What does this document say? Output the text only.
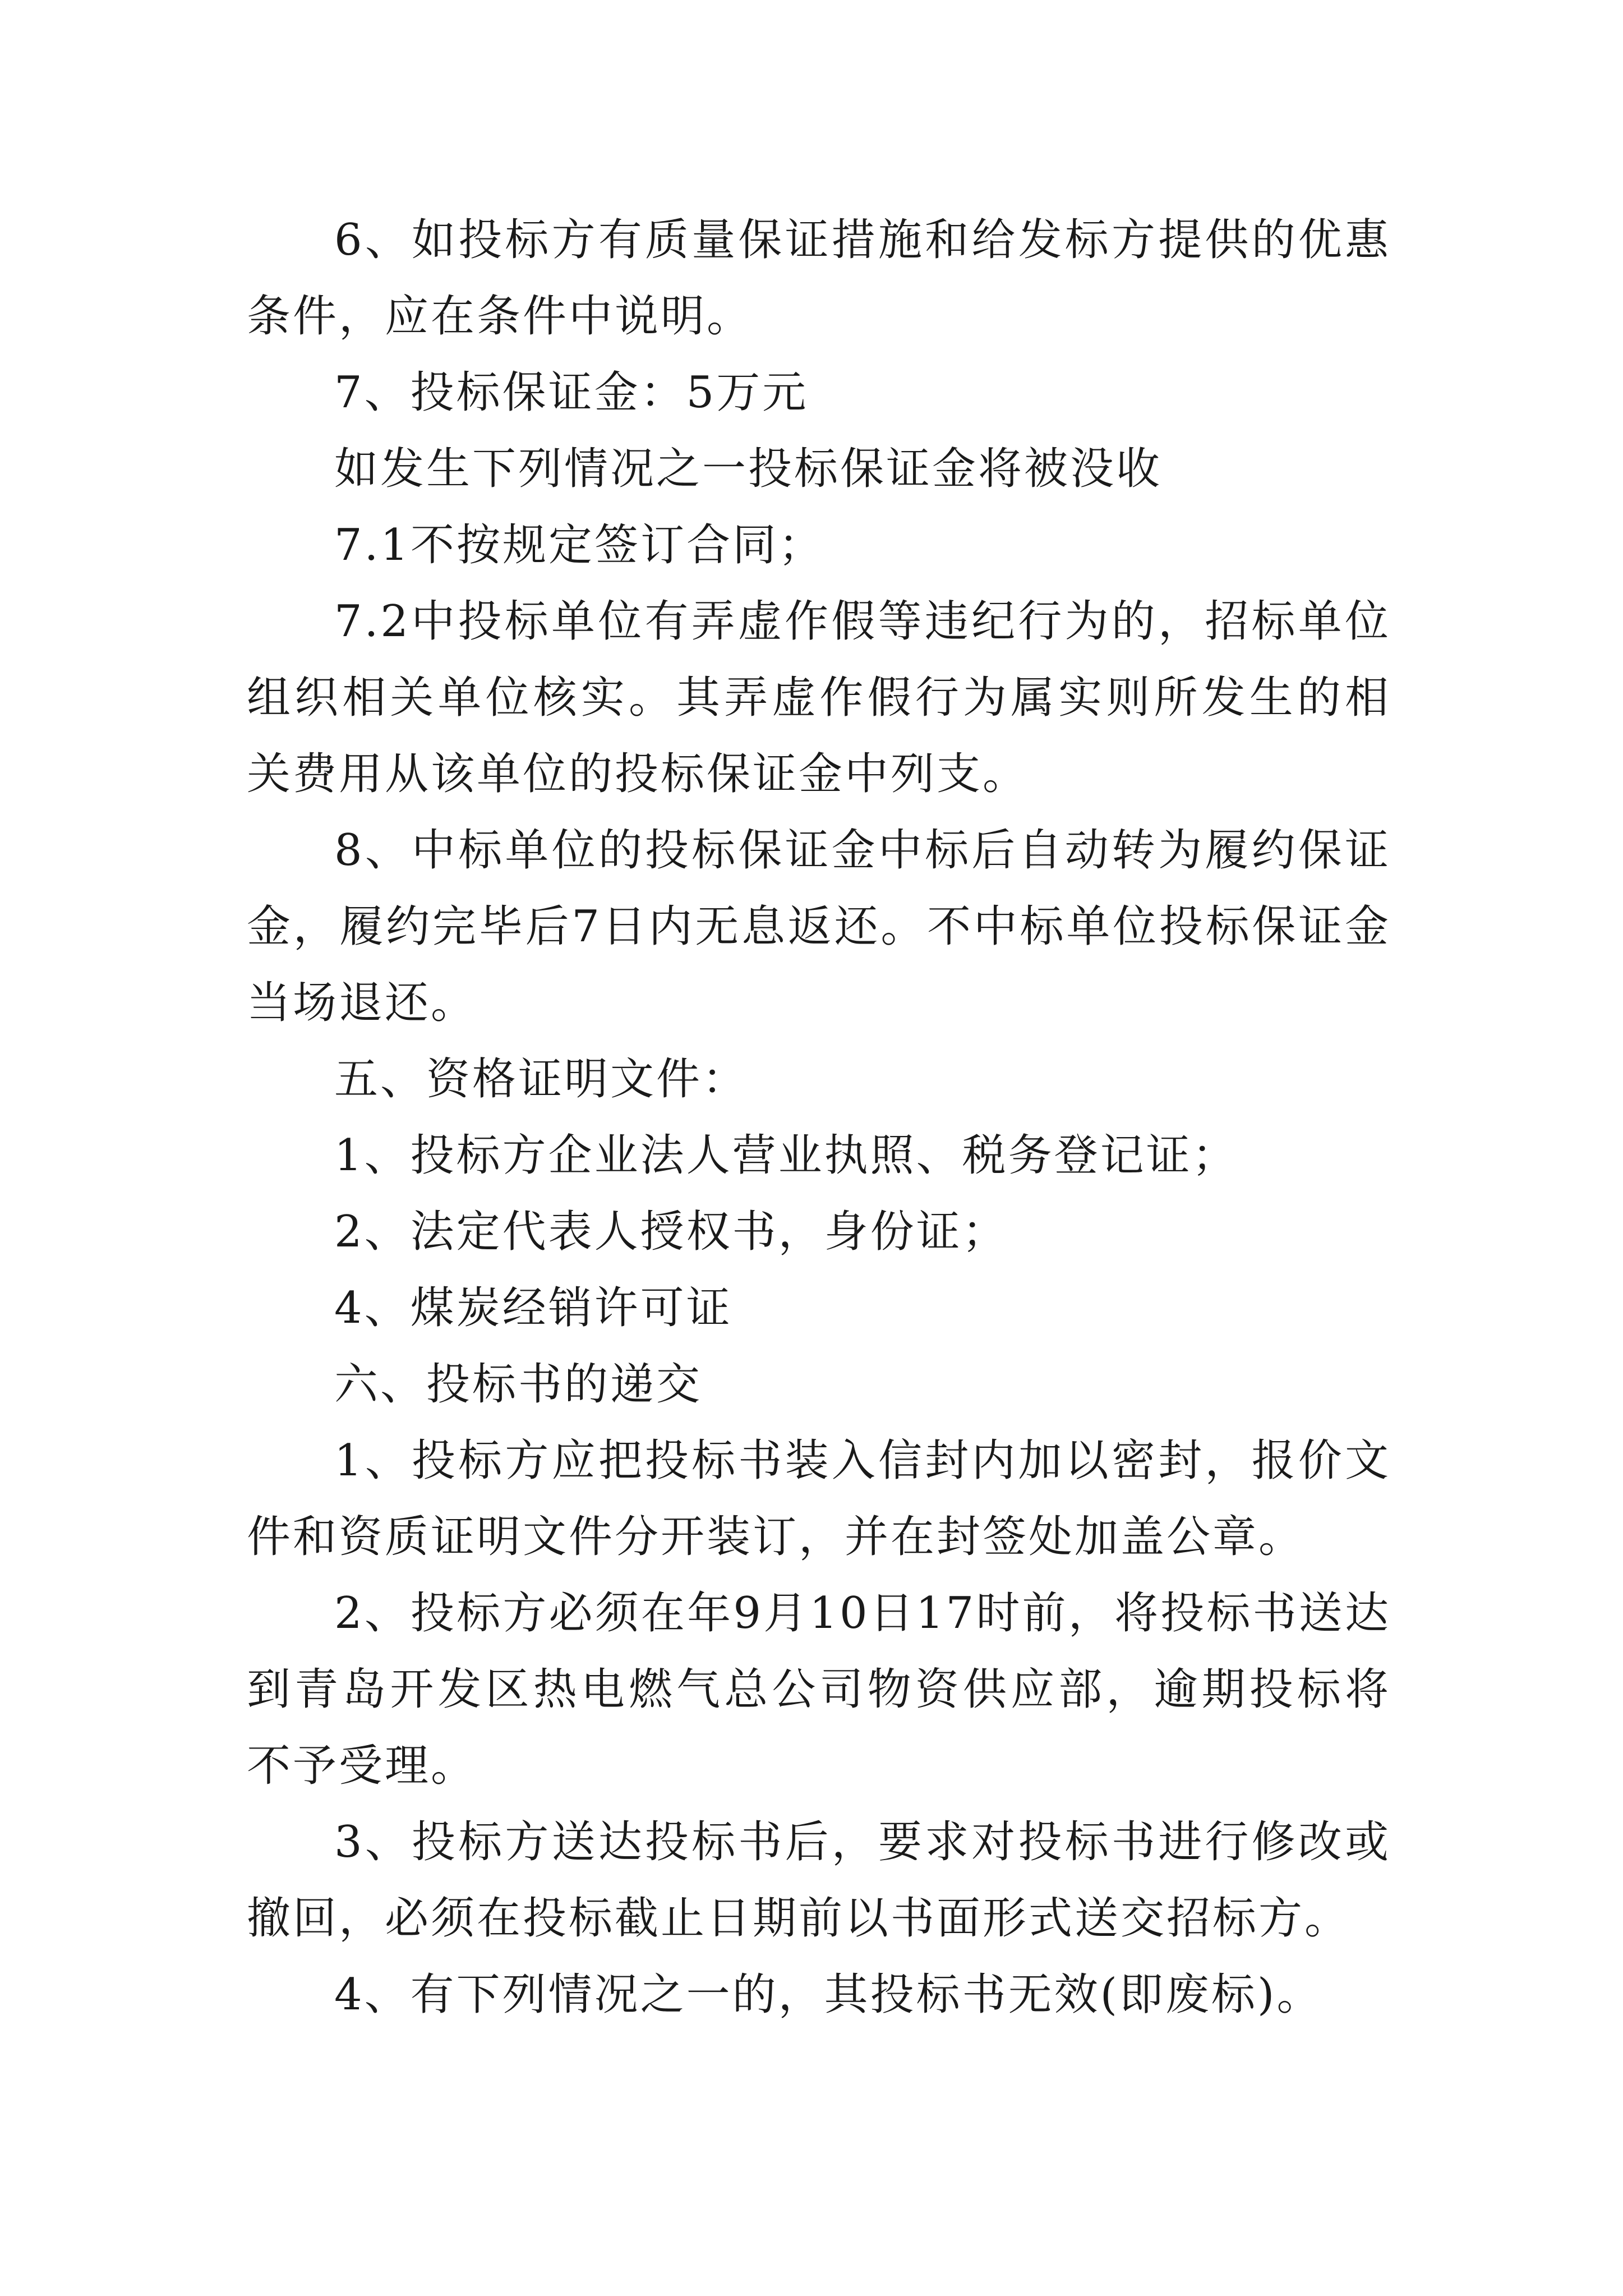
6、如投标方有质量保证措施和给发标方提供的优惠条件，应在条件中说明。

7、投标保证金：5万元

如发生下列情况之一投标保证金将被没收

7.1不按规定签订合同；

7.2中投标单位有弄虚作假等违纪行为的，招标单位组织相关单位核实。其弄虚作假行为属实则所发生的相关费用从该单位的投标保证金中列支。

8、中标单位的投标保证金中标后自动转为履约保证金，履约完毕后7日内无息返还。不中标单位投标保证金当场退还。

五、资格证明文件：

1、投标方企业法人营业执照、税务登记证；

2、法定代表人授权书，身份证；

4、煤炭经销许可证

六、投标书的递交

1、投标方应把投标书装入信封内加以密封，报价文件和资质证明文件分开装订，并在封签处加盖公章。

2、投标方必须在年9月10日17时前，将投标书送达到青岛开发区热电燃气总公司物资供应部，逾期投标将不予受理。

3、投标方送达投标书后，要求对投标书进行修改或撤回，必须在投标截止日期前以书面形式送交招标方。

4、有下列情况之一的，其投标书无效(即废标)。
